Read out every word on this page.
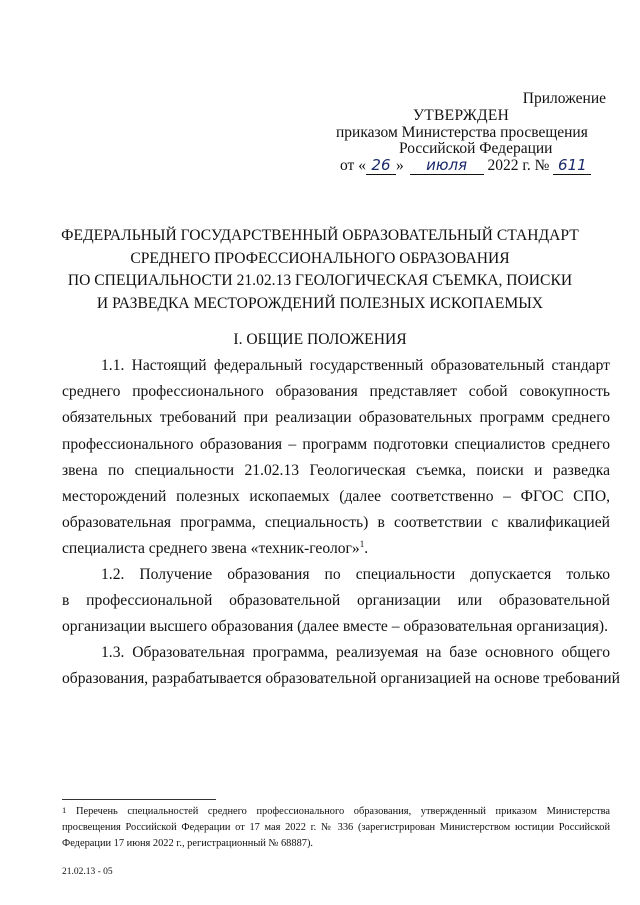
Приложение
УТВЕРЖДЕН
приказом Министерства просвещения
Российской Федерации
от « 26 » июля 2022 г. № 611
ФЕДЕРАЛЬНЫЙ ГОСУДАРСТВЕННЫЙ ОБРАЗОВАТЕЛЬНЫЙ СТАНДАРТ
СРЕДНЕГО ПРОФЕССИОНАЛЬНОГО ОБРАЗОВАНИЯ
ПО СПЕЦИАЛЬНОСТИ 21.02.13 ГЕОЛОГИЧЕСКАЯ СЪЕМКА, ПОИСКИ
И РАЗВЕДКА МЕСТОРОЖДЕНИЙ ПОЛЕЗНЫХ ИСКОПАЕМЫХ
I. ОБЩИЕ ПОЛОЖЕНИЯ
1.1. Настоящий федеральный государственный образовательный стандарт
среднего профессионального образования представляет собой совокупность
обязательных требований при реализации образовательных программ среднего
профессионального образования – программ подготовки специалистов среднего
звена по специальности 21.02.13 Геологическая съемка, поиски и разведка
месторождений полезных ископаемых (далее соответственно – ФГОС СПО,
образовательная программа, специальность) в соответствии с квалификацией
специалиста среднего звена «техник-геолог»$^1$.
1.2. Получение образования по специальности допускается только
в профессиональной образовательной организации или образовательной
организации высшего образования (далее вместе – образовательная организация).
1.3. Образовательная программа, реализуемая на базе основного общего
образования, разрабатывается образовательной организацией на основе требований
1 Перечень специальностей среднего профессионального образования, утвержденный приказом Министерства
просвещения Российской Федерации от 17 мая 2022 г. № 336 (зарегистрирован Министерством юстиции Российской
Федерации 17 июня 2022 г., регистрационный № 68887).
21.02.13 - 05
